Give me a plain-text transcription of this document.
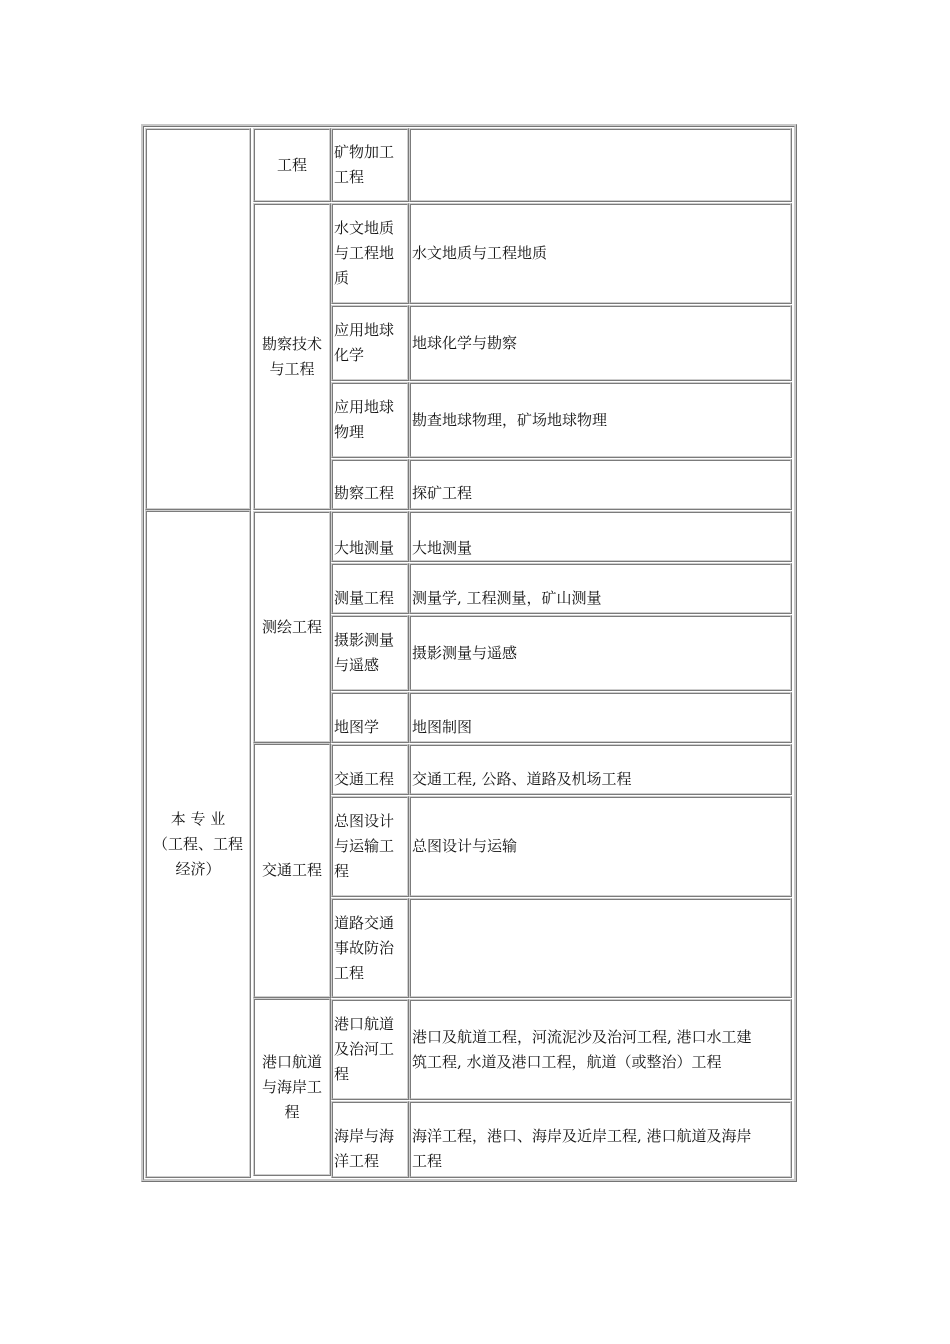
本 专 业
（工程、工程
经济）
工程
勘察技术
与工程
测绘工程
交通工程
港口航道
与海岸工
程
矿物加工
工程
水文地质
与工程地
质
应用地球
化学
应用地球
物理
勘察工程
大地测量
测量工程
摄影测量
与遥感
地图学
交通工程
总图设计
与运输工
程
道路交通
事故防治
工程
港口航道
及治河工
程
海岸与海
洋工程
水文地质与工程地质
地球化学与勘察
勘查地球物理，矿场地球物理
探矿工程
大地测量
测量学, 工程测量，矿山测量
摄影测量与遥感
地图制图
交通工程, 公路、道路及机场工程
总图设计与运输
港口及航道工程，河流泥沙及治河工程, 港口水工建
筑工程, 水道及港口工程，航道（或整治）工程
海洋工程，港口、海岸及近岸工程, 港口航道及海岸
工程
